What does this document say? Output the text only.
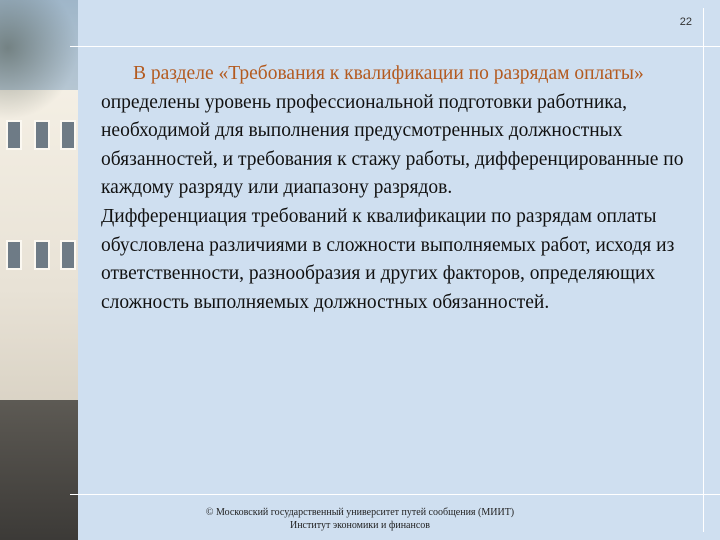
22

В разделе «Требования к квалификации по разрядам оплаты» определены уровень профессиональной подготовки работника, необходимой для выполнения предусмотренных должностных обязанностей, и требования к стажу работы, дифференцированные по каждому разряду или диапазону разрядов.

Дифференциация требований к квалификации по разрядам оплаты обусловлена различиями в сложности выполняемых работ, исходя из ответственности, разнообразия и других факторов, определяющих сложность выполняемых должностных обязанностей.

© Московский государственный университет путей сообщения (МИИТ)
Институт экономики и финансов
